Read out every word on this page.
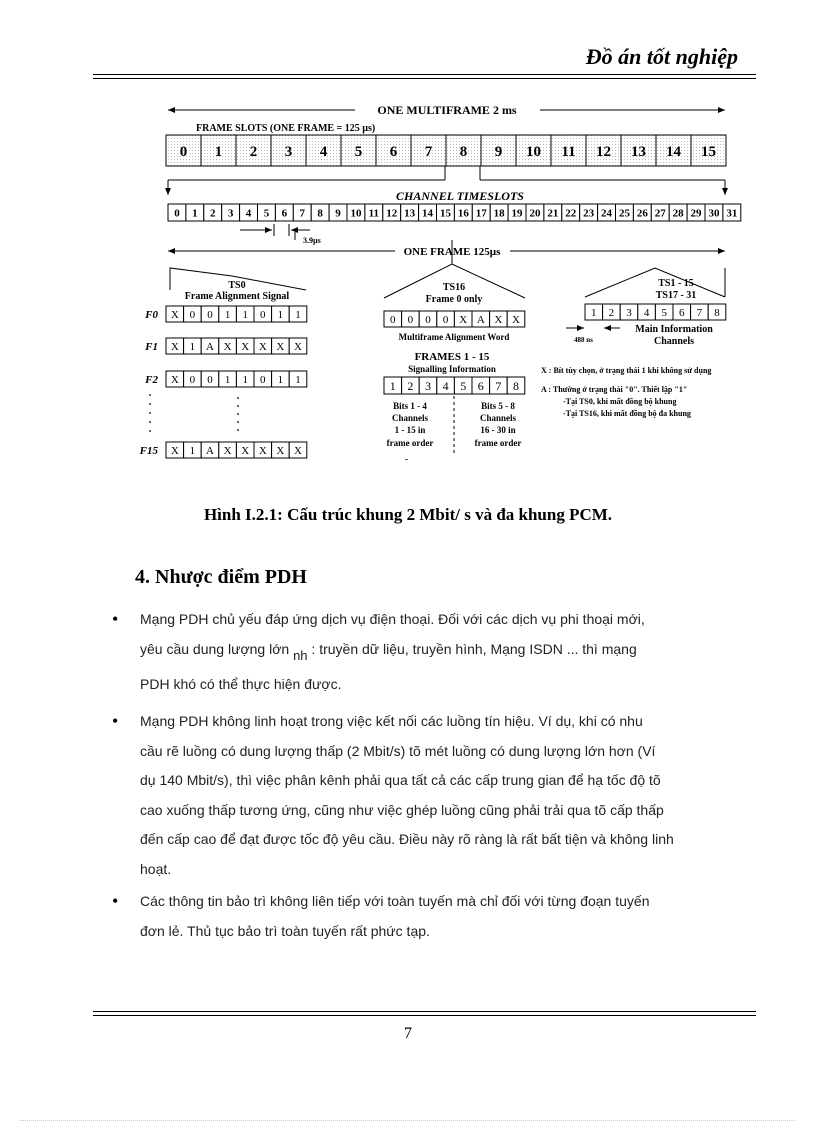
Đồ án tốt nghiệp
ONE MULTIFRAME 2 ms
FRAME SLOTS (ONE FRAME = 125 µs)
0 1 2 3 4 5 6 7 8 9 10 11 12 13 14 15
CHANNEL TIMESLOTS
0 1 2 3 4 5 6 7 8 9 10 11 12 13 14 15 16 17 18 19 20 21 22 23 24 25 26 27 28 29 30 31
3.9µs
ONE FRAME 125µs
TS0
Frame Alignment Signal
TS16
Frame 0 only
0 0 0 0 X A X X
Multiframe Alignment Word
FRAMES 1 - 15
Signalling Information
1 2 3 4 5 6 7 8
Bits 1 - 4
Channels
1 - 15 in
frame order
-
Bits 5 - 8
Channels
16 - 30 in
frame order
TS1 - 15
TS17 - 31
1 2 3 4 5 6 7 8
488 ns
Main Information
Channels
X : Bít tùy chọn, ở trạng thái 1 khi không sử dụng
A : Thường ở trạng thái "0". Thiết lập "1"
-Tại TS0, khi mất đồng bộ khung
-Tại TS16, khi mất đồng bộ đa khung
F0 X 0 0 1 1 0 1 1
F1 X 1 A X X X X X
F2 X 0 0 1 1 0 1 1
F15 X 1 A X X X X X
Hình I.2.1: Cấu trúc khung 2 Mbit/ s và đa khung PCM.
4. Nhược điểm PDH
• Mạng PDH chủ yếu đáp ứng dịch vụ điện thoại. Đối với các dịch vụ phi thoại mới,
yêu cầu dung lượng lớn $_{nh}$ : truyền dữ liệu, truyền hình, Mạng ISDN ... thì mạng
PDH khó có thể thực hiện được.
• Mạng PDH không linh hoạt trong việc kết nối các luồng tín hiệu. Ví dụ, khi có nhu
cầu rẽ luồng có dung lượng thấp (2 Mbit/s) tõ mét luồng có dung lượng lớn hơn (Ví
dụ 140 Mbit/s), thì việc phân kênh phải qua tất cả các cấp trung gian để hạ tốc độ tõ
cao xuống thấp tương ứng, cũng như việc ghép luồng cũng phải trải qua tõ cấp thấp
đến cấp cao để đạt được tốc độ yêu cầu. Điều này rõ ràng là rất bất tiện và không linh
hoạt.
• Các thông tin bảo trì không liên tiếp với toàn tuyến mà chỉ đối với từng đoạn tuyến
đơn lẻ. Thủ tục bảo trì toàn tuyến rất phức tạp.
7
